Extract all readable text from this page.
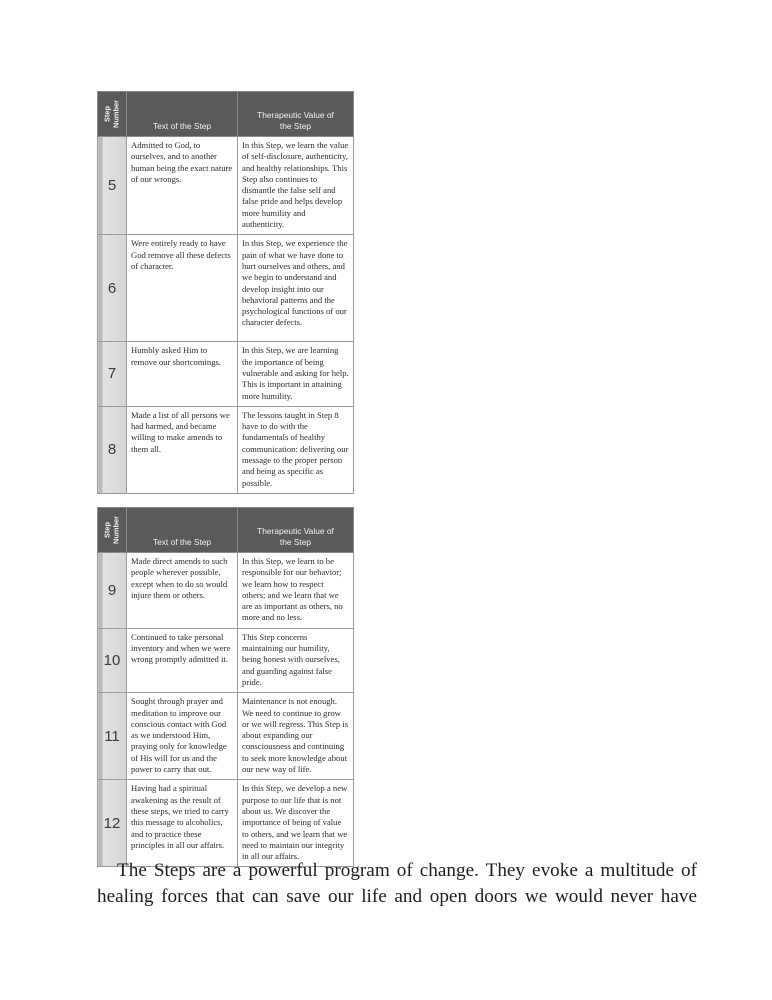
Step
Number	Text of the Step	Therapeutic Value of the Step
5	Admitted to God, to ourselves, and to another human being the exact nature of our wrongs.	In this Step, we learn the value of self-disclosure, authenticity, and healthy relationships. This Step also continues to dismantle the false self and false pride and helps develop more humility and authenticity.
6	Were entirely ready to have God remove all these defects of character.	In this Step, we experience the pain of what we have done to hurt ourselves and others, and we begin to understand and develop insight into our behavioral patterns and the psychological functions of our character defects.
7	Humbly asked Him to remove our shortcomings.	In this Step, we are learning the importance of being vulnerable and asking for help. This is important in attaining more humility.
8	Made a list of all persons we had harmed, and became willing to make amends to them all.	The lessons taught in Step 8 have to do with the fundamentals of healthy communication: delivering our message to the proper person and being as specific as possible.
Step
Number	Text of the Step	Therapeutic Value of the Step
9	Made direct amends to such people wherever possible, except when to do so would injure them or others.	In this Step, we learn to be responsible for our behavior; we learn how to respect others; and we learn that we are as important as others, no more and no less.
10	Continued to take personal inventory and when we were wrong promptly admitted it.	This Step concerns maintaining our humility, being honest with ourselves, and guarding against false pride.
11	Sought through prayer and meditation to improve our conscious contact with God as we understood Him, praying only for knowledge of His will for us and the power to carry that out.	Maintenance is not enough. We need to continue to grow or we will regress. This Step is about expanding our consciousness and continuing to seek more knowledge about our new way of life.
12	Having had a spiritual awakening as the result of these steps, we tried to carry this message to alcoholics, and to practice these principles in all our affairs.	In this Step, we develop a new purpose to our life that is not about us. We discover the importance of being of value to others, and we learn that we need to maintain our integrity in all our affairs.

The Steps are a powerful program of change. They evoke a multitude of healing forces that can save our life and open doors we would never have
